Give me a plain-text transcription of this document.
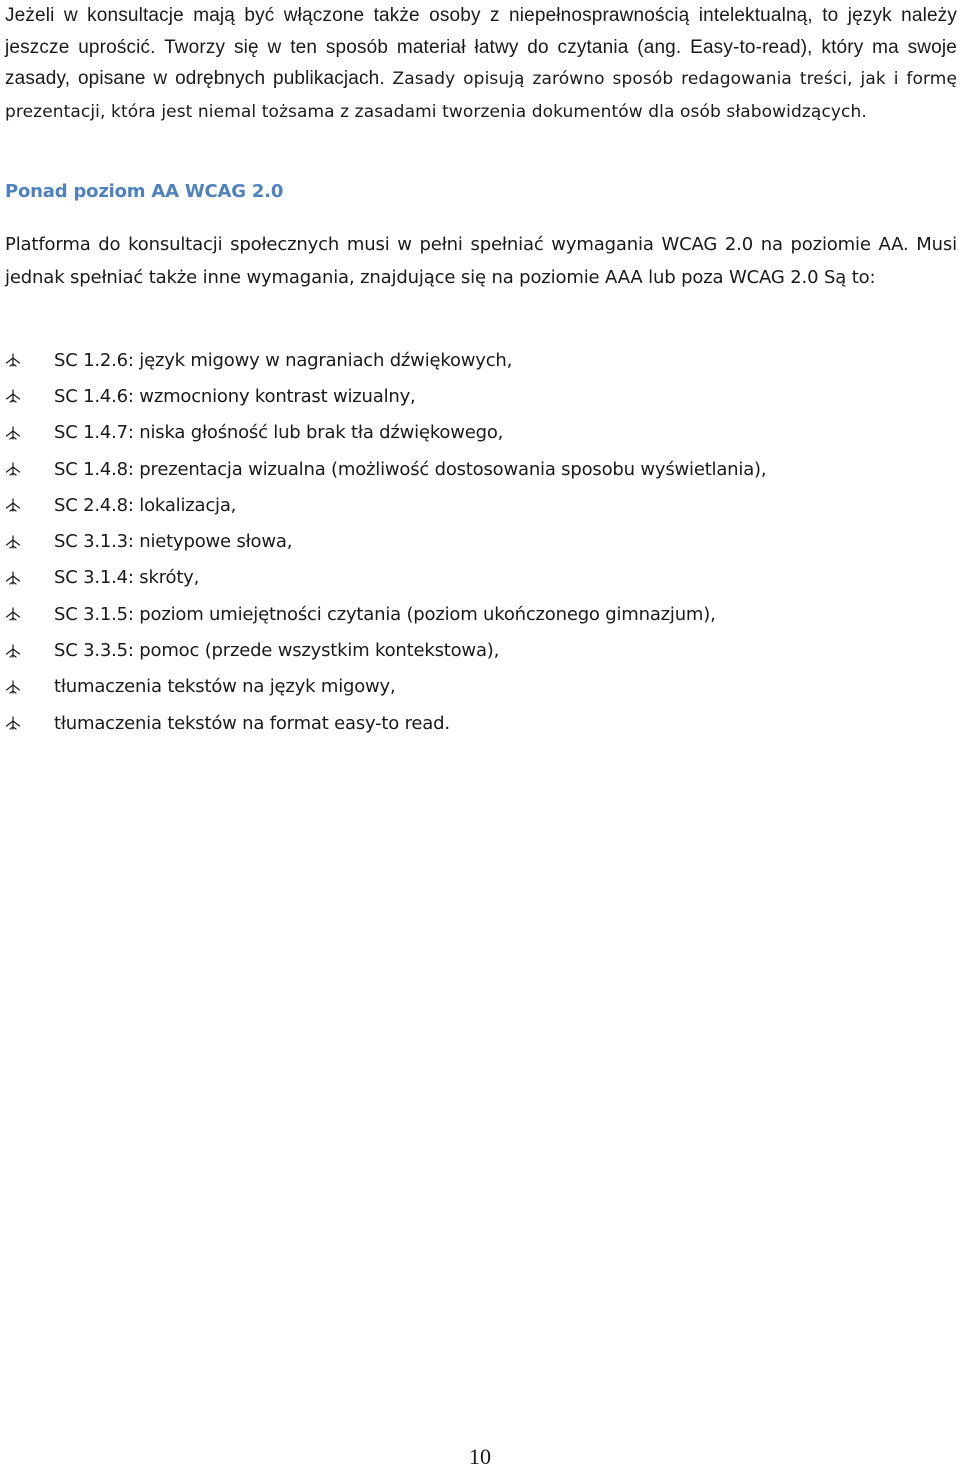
Jeżeli w konsultacje mają być włączone także osoby z niepełnosprawnością intelektualną, to język należy jeszcze uprościć. Tworzy się w ten sposób materiał łatwy do czytania (ang. Easy-to-read), który ma swoje zasady, opisane w odrębnych publikacjach. Zasady opisują zarówno sposób redagowania treści, jak i formę prezentacji, która jest niemal tożsama z zasadami tworzenia dokumentów dla osób słabowidzących.

Ponad poziom AA WCAG 2.0

Platforma do konsultacji społecznych musi w pełni spełniać wymagania WCAG 2.0 na poziomie AA. Musi jednak spełniać także inne wymagania, znajdujące się na poziomie AAA lub poza WCAG 2.0 Są to:

SC 1.2.6: język migowy w nagraniach dźwiękowych,
SC 1.4.6: wzmocniony kontrast wizualny,
SC 1.4.7: niska głośność lub brak tła dźwiękowego,
SC 1.4.8: prezentacja wizualna (możliwość dostosowania sposobu wyświetlania),
SC 2.4.8: lokalizacja,
SC 3.1.3: nietypowe słowa,
SC 3.1.4: skróty,
SC 3.1.5: poziom umiejętności czytania (poziom ukończonego gimnazjum),
SC 3.3.5: pomoc (przede wszystkim kontekstowa),
tłumaczenia tekstów na język migowy,
tłumaczenia tekstów na format easy-to read.
10
